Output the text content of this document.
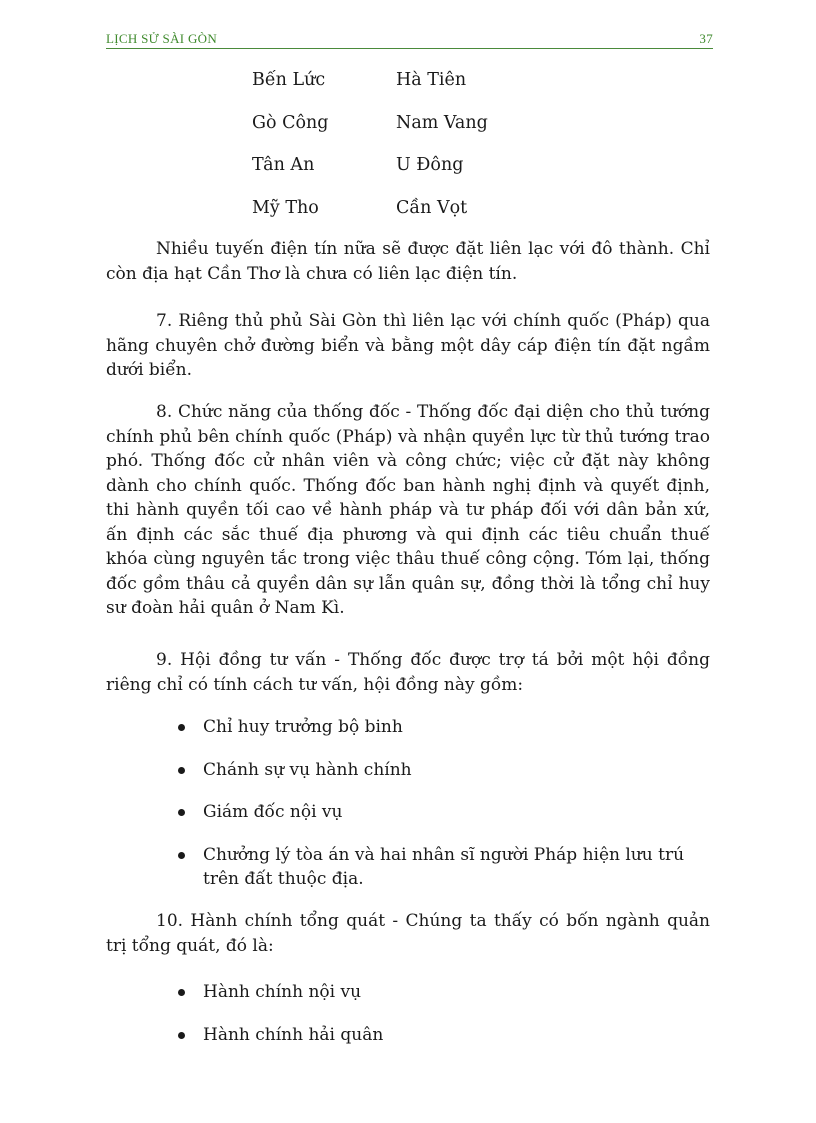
LỊCH SỬ SÀI GÒN	37
Bến Lức	Hà Tiên
Gò Công	Nam Vang
Tân An	U Đông
Mỹ Tho	Cần Vọt

Nhiều tuyến điện tín nữa sẽ được đặt liên lạc với đô thành. Chỉ còn địa hạt Cần Thơ là chưa có liên lạc điện tín.

7. Riêng thủ phủ Sài Gòn thì liên lạc với chính quốc (Pháp) qua hãng chuyên chở đường biển và bằng một dây cáp điện tín đặt ngầm dưới biển.

8. Chức năng của thống đốc - Thống đốc đại diện cho thủ tướng chính phủ bên chính quốc (Pháp) và nhận quyền lực từ thủ tướng trao phó. Thống đốc cử nhân viên và công chức; việc cử đặt này không dành cho chính quốc. Thống đốc ban hành nghị định và quyết định, thi hành quyền tối cao về hành pháp và tư pháp đối với dân bản xứ, ấn định các sắc thuế địa phương và qui định các tiêu chuẩn thuế khóa cùng nguyên tắc trong việc thâu thuế công cộng. Tóm lại, thống đốc gồm thâu cả quyền dân sự lẫn quân sự, đồng thời là tổng chỉ huy sư đoàn hải quân ở Nam Kì.

9. Hội đồng tư vấn - Thống đốc được trợ tá bởi một hội đồng riêng chỉ có tính cách tư vấn, hội đồng này gồm:

Chỉ huy trưởng bộ binh

Chánh sự vụ hành chính

Giám đốc nội vụ

Chưởng lý tòa án và hai nhân sĩ người Pháp hiện lưu trú trên đất thuộc địa.

10. Hành chính tổng quát - Chúng ta thấy có bốn ngành quản trị tổng quát, đó là:

Hành chính nội vụ

Hành chính hải quân
